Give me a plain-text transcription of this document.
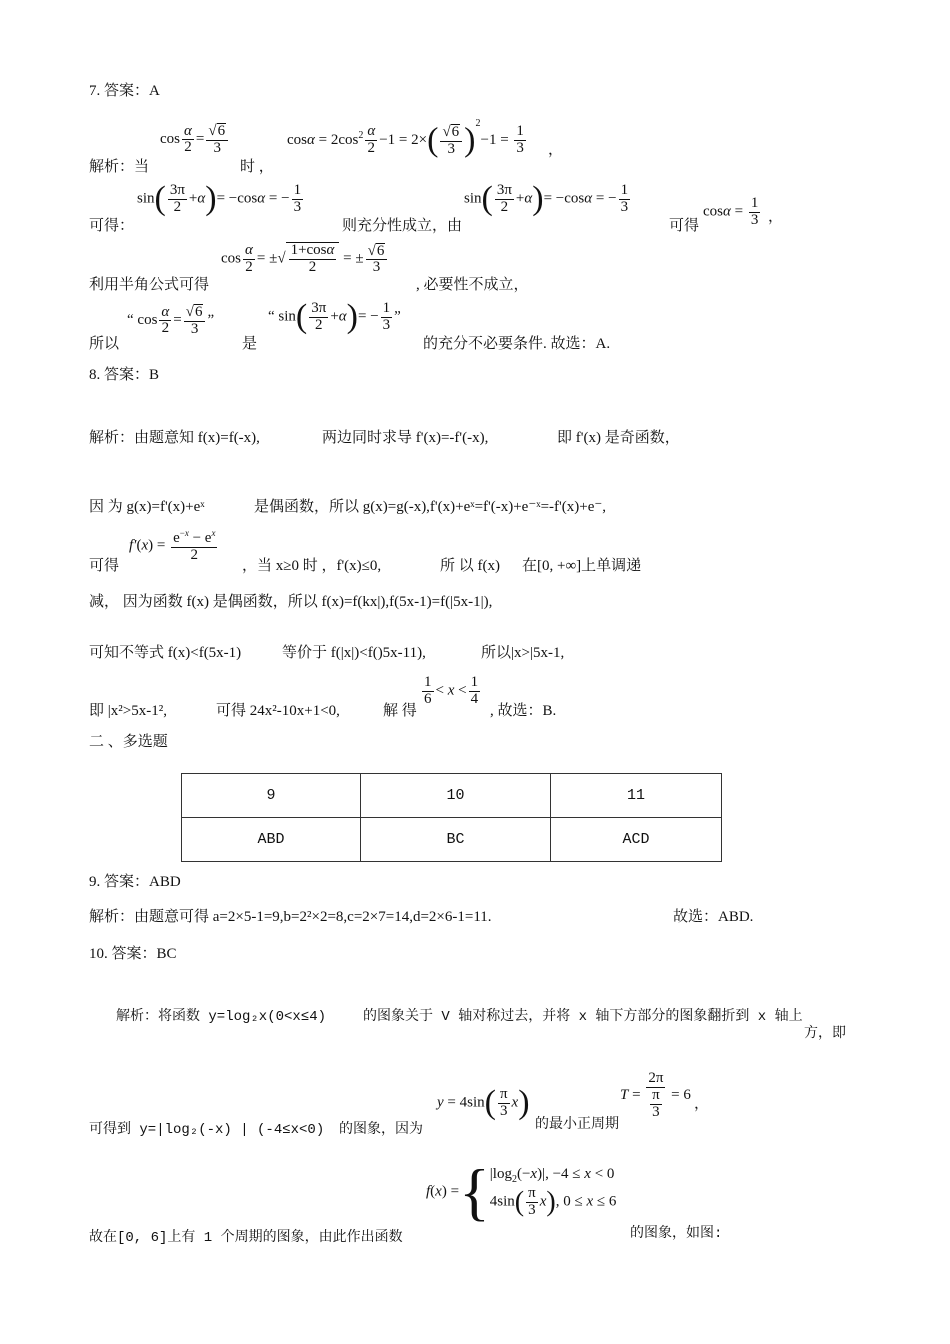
7. 答案：A
解析：当
$\cos \frac{\alpha}{2} = \frac{√6}{3}$
时 ，
$\cos\alpha = 2\cos^2 \frac{\alpha}{2} -1 = 2\times( \frac{√6}{3} )^2-1 = \frac{1}{3}$ ，
可得：
$\sin( \frac{3\pi}{2} +\alpha)= -\cos\alpha$ = − $\frac{1}{3}$
则充分性成立，由
$\sin( \frac{3\pi}{2} +\alpha)= -\cos\alpha$ = − $\frac{1}{3}$
可得
$\cos\alpha = \frac{1}{3}$ ，
利用半角公式可得
$\cos \frac{\alpha}{2}$ = ±√ $\frac{1+\cos\alpha}{2}$ = ± $\frac{√6}{3}$
, 必要性不成立，
所以
“ $\cos \frac{\alpha}{2} = \frac{√6}{3}$ ”
是
“ $\sin( \frac{3\pi}{2} +\alpha)= - \frac{1}{3}$ ”
的充分不必要条件. 故选：A.
8. 答案：B
解析：由题意知 f(x)=f(-x),	两边同时求导 f'(x)=-f'(-x),	即 f'(x) 是奇函数，
因 为 g(x)=f'(x)+eˣ	是偶函数，所以 g(x)=g(-x),f'(x)+eˣ=f'(-x)+e⁻ˣ=-f'(x)+e⁻,
可得
$f'(x) = \frac{e^{-x} - e^x}{2}$
，当 x≥0 时 ，f'(x)≤0,	所 以 f(x) 在[0, +∞]上单调递
减， 因为函数 f(x) 是偶函数，所以 f(x)=f(kx|),f(5x-1)=f(|5x-1|),
可知不等式 f(x)<f(5x-1)	等价于 f(|x|)<f()5x-11),	所以|x>|5x-1,
即 |x²>5x-1²,	可得 24x²-10x+1<0,	解 得
$\frac{1}{6} < x < \frac{1}{4}$
, 故选：B.
二 、多选题
9	10	11
ABD	BC	ACD
9. 答案：ABD
解析：由题意可得 a=2×5-1=9,b=2²×2=8,c=2×7=14,d=2×6-1=11.	故选：ABD.
10. 答案：BC
解析：将函数 y=log₂x(0<x≤4)	的图象关于 V 轴对称过去，并将 x 轴下方部分的图象翻折到 x 轴上
方，即
可得到 y=|log₂(-x) | (-4≤x<0) 的图象，因为
$y = 4\sin( \frac{\pi}{3} x)$
的最小正周期
$T = \frac{2\pi}{\frac{\pi}{3}} = 6$
，
故在[0, 6]上有 1 个周期的图象，由此作出函数
f(x) ={ $|\log_2(-x)|$, −4 ≤ x < 0
$4\sin( \frac{\pi}{3} x)$, 0 ≤ x ≤ 6
的图象，如图:
